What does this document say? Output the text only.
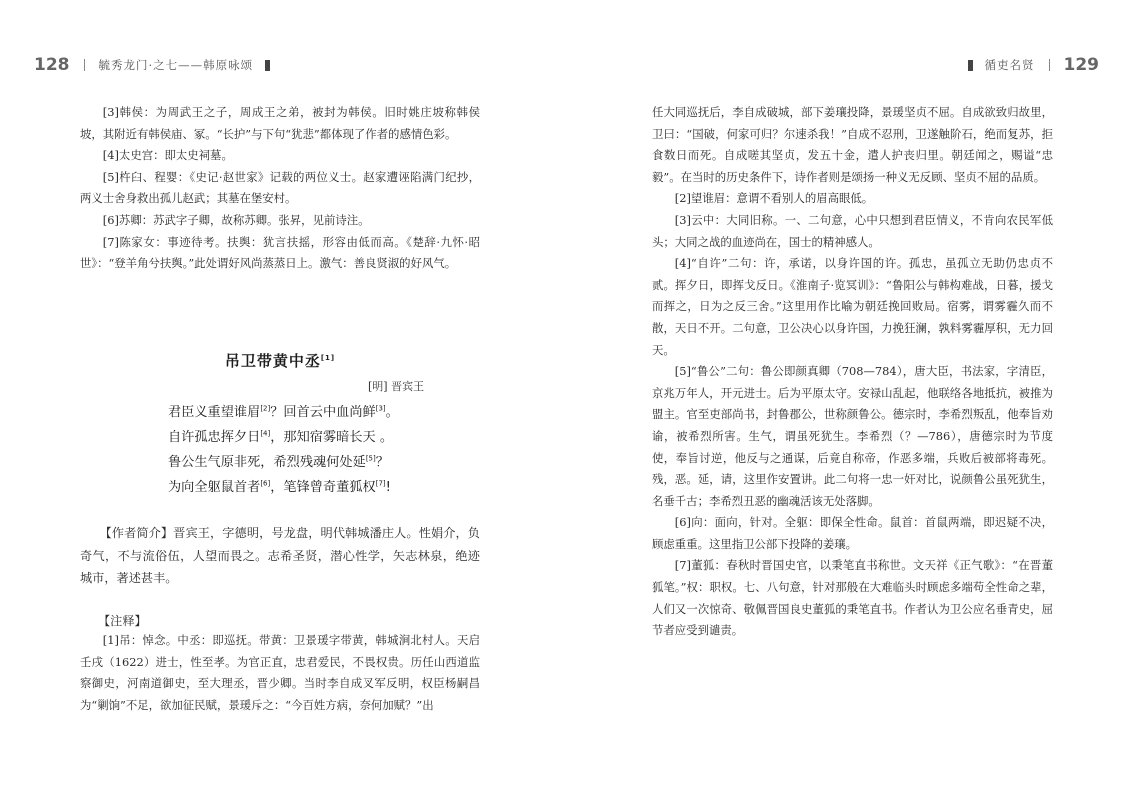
128	毓秀龙门·之七——韩原咏颂

[3]韩侯：为周武王之子，周成王之弟，被封为韩侯。旧时姚庄坡称韩侯坡，其附近有韩侯庙、冢。“长护”与下句“犹悲”都体现了作者的感情色彩。

[4]太史宫：即太史祠墓。

[5]杵臼、程婴：《史记·赵世家》记载的两位义士。赵家遭诬陷满门纪抄，两义士舍身救出孤儿赵武；其墓在堡安村。

[6]苏卿：苏武字子卿，故称苏卿。张昇，见前诗注。

[7]陈家女：事迹待考。扶舆：犹言扶摇，形容由低而高。《楚辞·九怀·昭世》：“登羊角兮扶舆。”此处谓好风尚蒸蒸日上。激气：善良贤淑的好风气。

吊卫带黄中丞[1]
[明] 晋宾王
君臣义重望谁眉[2]？回首云中血尚鲜[3]。
自许孤忠挥夕日[4]，那知宿雾暗长天 。
鲁公生气原非死，希烈残魂何处延[5]？
为向全躯鼠首者[6]，笔锋曾奇董狐权[7]!

【作者简介】晋宾王，字德明，号龙盘，明代韩城潘庄人。性娟介，负奇气，不与流俗伍，人望而畏之。志希圣贤，潜心性学，矢志林泉，绝迹城市，著述甚丰。

【注释】

[1]吊：悼念。中丞：即巡抚。带黄：卫景瑗字带黄，韩城涧北村人。天启壬戌（1622）进士，性至孝。为官正直，忠君爱民，不畏权贵。历任山西道监察御史，河南道御史，至大理丞，晋少卿。当时李自成叉军反明，权臣杨嗣昌为“剿饷”不足，欲加征民赋，景瑗斥之：“今百姓方病，奈何加赋？”出

循吏名贤 129

任大同巡抚后，李自成破城，部下姜瓖投降，景瑗坚贞不屈。自成欲致归故里，卫曰：“国破，何家可归？尔速杀我！”自成不忍刑，卫遂触阶石，绝而复苏，拒食数日而死。自成嗟其坚贞，发五十金，遣人护丧归里。朝廷闻之，赐谥“忠毅”。在当时的历史条件下，诗作者则是颂扬一种义无反顾、坚贞不屈的品质。

[2]望谁眉：意谓不看别人的眉高眼低。

[3]云中：大同旧称。一、二句意，心中只想到君臣情义，不肯向农民军低头；大同之战的血迹尚在，国士的精神感人。

[4]“自许”二句：许，承诺，以身许国的许。孤忠，虽孤立无助仍忠贞不贰。挥夕日，即挥戈反日。《淮南子·览冥训》：“鲁阳公与韩构难战，日暮，援戈而挥之，日为之反三舍。”这里用作比喻为朝廷挽回败局。宿雾，谓雾霾久而不散，天日不开。二句意，卫公决心以身许国，力挽狂澜，孰料雾霾厚积，无力回天。

[5]“鲁公”二句：鲁公即颜真卿（708—784），唐大臣，书法家，字清臣，京兆万年人，开元进士。后为平原太守。安禄山乱起，他联络各地抵抗，被推为盟主。官至吏部尚书，封鲁郡公，世称颜鲁公。德宗时，李希烈叛乱，他奉旨劝谕，被希烈所害。生气，谓虽死犹生。李希烈（？—786），唐德宗时为节度使，奉旨讨逆，他反与之通谋，后竟自称帝，作恶多端，兵败后被部将毒死。残，恶。延，请，这里作安置讲。此二句将一忠一奸对比，说颜鲁公虽死犹生，名垂千古；李希烈丑恶的幽魂活该无处落脚。

[6]向：面向，针对。全躯：即保全性命。鼠首：首鼠两端，即迟疑不决，顾虑重重。这里指卫公部下投降的姜瓖。

[7]董狐：春秋时晋国史官，以秉笔直书称世。文天祥《正气歌》：“在晋董狐笔。”权：职权。七、八句意，针对那般在大难临头时顾虑多端苟全性命之辈，人们又一次惊奇、敬佩晋国良史董狐的秉笔直书。作者认为卫公应名垂青史，屈节者应受到谴责。
